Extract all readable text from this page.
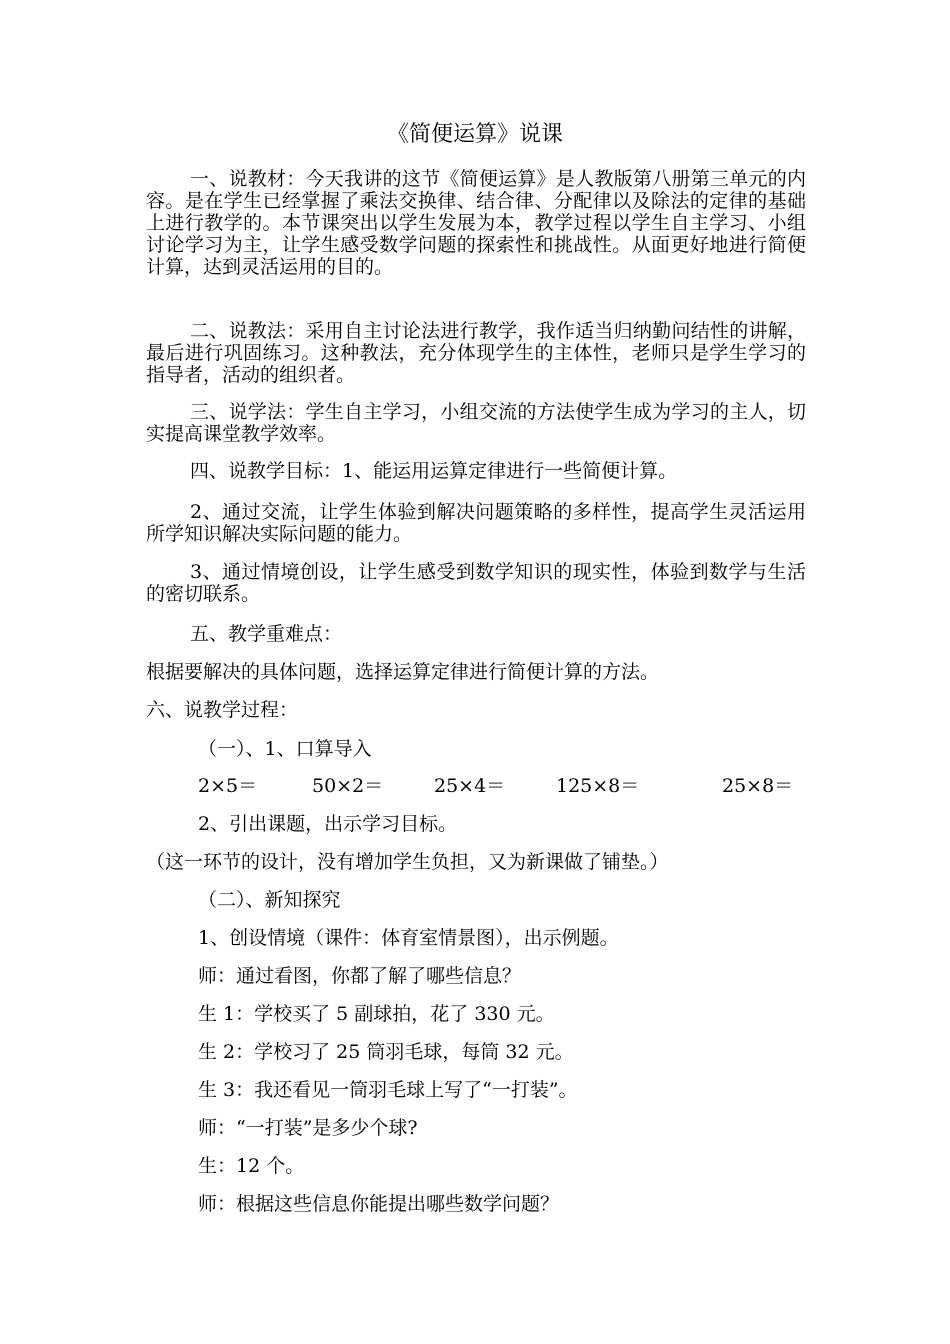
《简便运算》说课

一、说教材：今天我讲的这节《简便运算》是人教版第八册第三单元的内容。是在学生已经掌握了乘法交换律、结合律、分配律以及除法的定律的基础上进行教学的。本节课突出以学生发展为本，教学过程以学生自主学习、小组讨论学习为主，让学生感受数学问题的探索性和挑战性。从面更好地进行简便计算，达到灵活运用的目的。

二、说教法：采用自主讨论法进行教学，我作适当归纳勤问结性的讲解，最后进行巩固练习。这种教法，充分体现学生的主体性，老师只是学生学习的指导者，活动的组织者。

三、说学法：学生自主学习，小组交流的方法使学生成为学习的主人，切实提高课堂教学效率。

四、说教学目标：1、能运用运算定律进行一些简便计算。

2、通过交流，让学生体验到解决问题策略的多样性，提高学生灵活运用所学知识解决实际问题的能力。

3、通过情境创设，让学生感受到数学知识的现实性，体验到数学与生活的密切联系。

五、教学重难点：

根据要解决的具体问题，选择运算定律进行简便计算的方法。

六、说教学过程：

（一）、1、口算导入

2×5＝	50×2＝	25×4＝	125×8＝	25×8＝

2、引出课题，出示学习目标。

（这一环节的设计，没有增加学生负担，又为新课做了铺垫。）

（二）、新知探究

1、创设情境（课件：体育室情景图），出示例题。

师：通过看图，你都了解了哪些信息？

生 1：学校买了 5 副球拍，花了 330 元。

生 2：学校习了 25 筒羽毛球，每筒 32 元。

生 3：我还看见一筒羽毛球上写了“一打装”。

师：“一打装”是多少个球?

生：12 个。

师：根据这些信息你能提出哪些数学问题？
